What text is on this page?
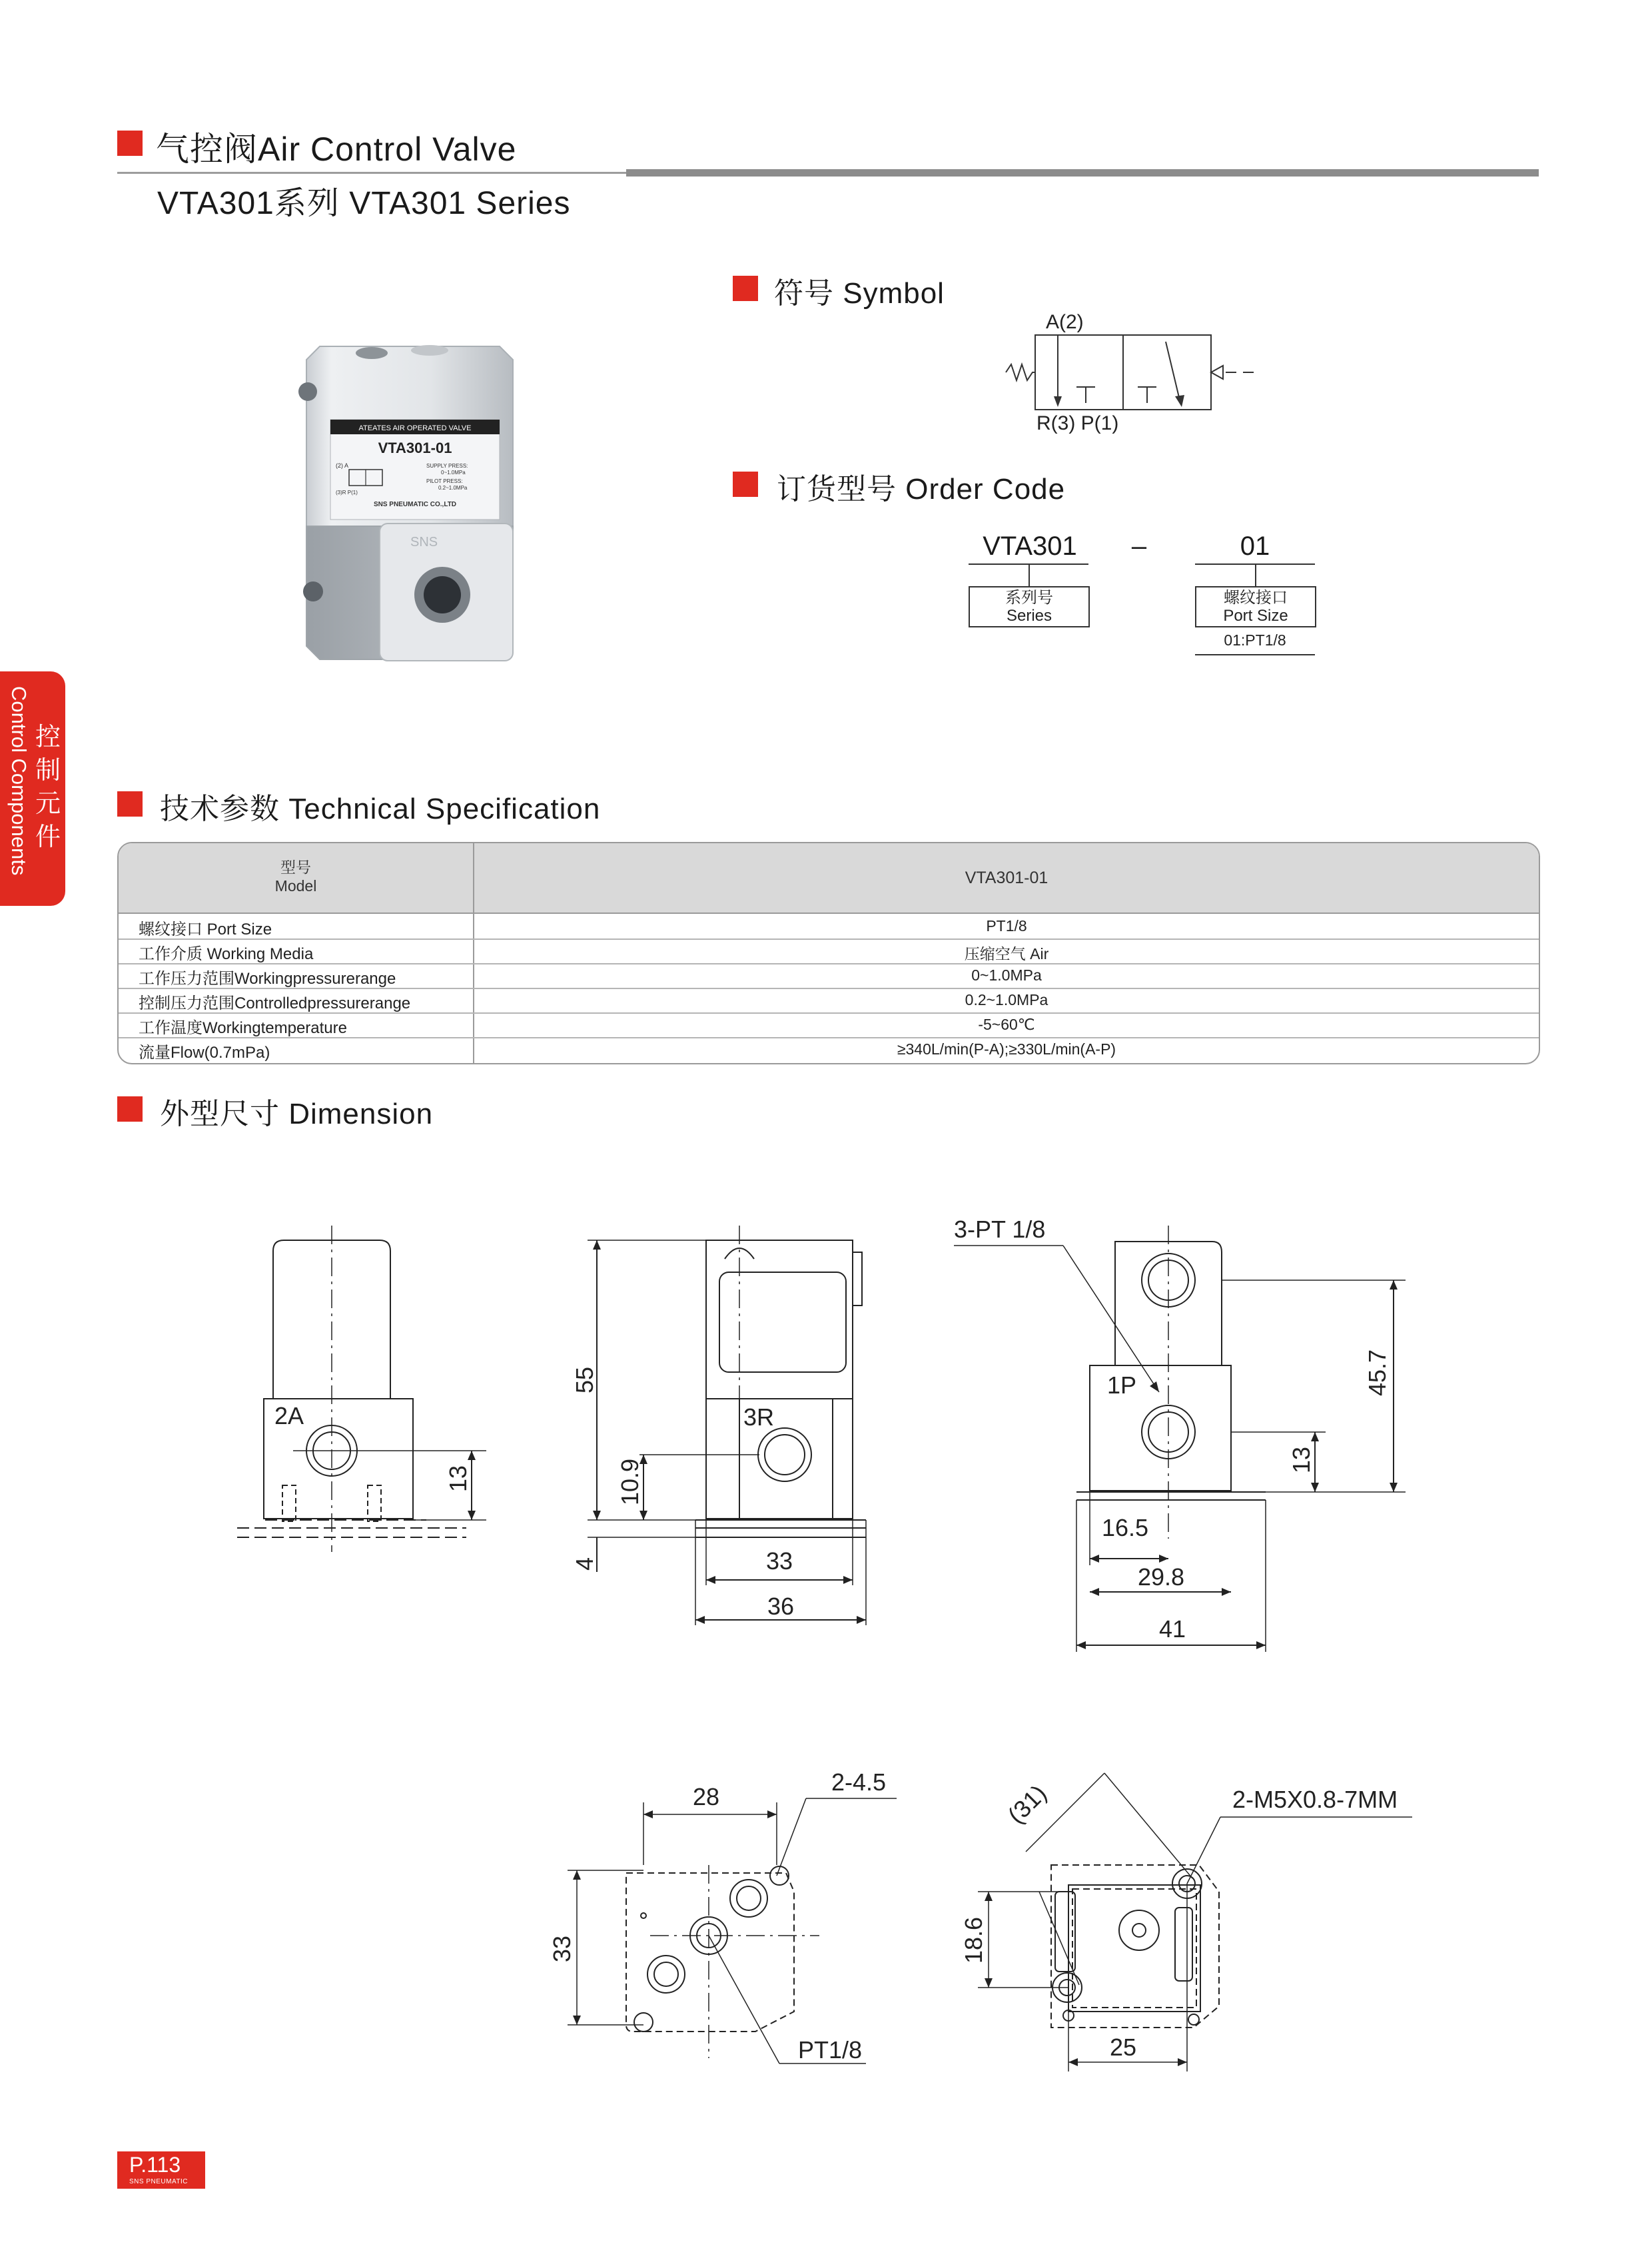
气控阀Air Control Valve
VTA301系列 VTA301 Series
Control Components 控制元件
ATEATES AIR OPERATED VALVE
VTA301-01
(2) A
(3)R P(1)
SUPPLY PRESS:
0~1.0MPa
PILOT PRESS:
0.2~1.0MPa
SNS PNEUMATIC CO.,LTD
SNS
符号 Symbol
A(2)
R(3) P(1)
订货型号 Order Code
VTA301	–	01
系列号
Series
螺纹接口
Port Size
01:PT1/8
技术参数 Technical Specification
型号
Model	VTA301-01
螺纹接口 Port Size	PT1/8
工作介质 Working Media	压缩空气 Air
工作压力范围Workingpressurerange	0~1.0MPa
控制压力范围Controlledpressurerange	0.2~1.0MPa
工作温度Workingtemperature	-5~60℃
流量Flow(0.7mPa)	≥340L/min(P-A);≥330L/min(A-P)
外型尺寸 Dimension
2A
13
3R
55
10.9
4	33
36
3-PT 1/8
1P	45.7
13
16.5
29.8
41
28
2-4.5
33
PT1/8
(31)	2-M5X0.8-7MM
18.6
25
P.113
SNS PNEUMATIC
